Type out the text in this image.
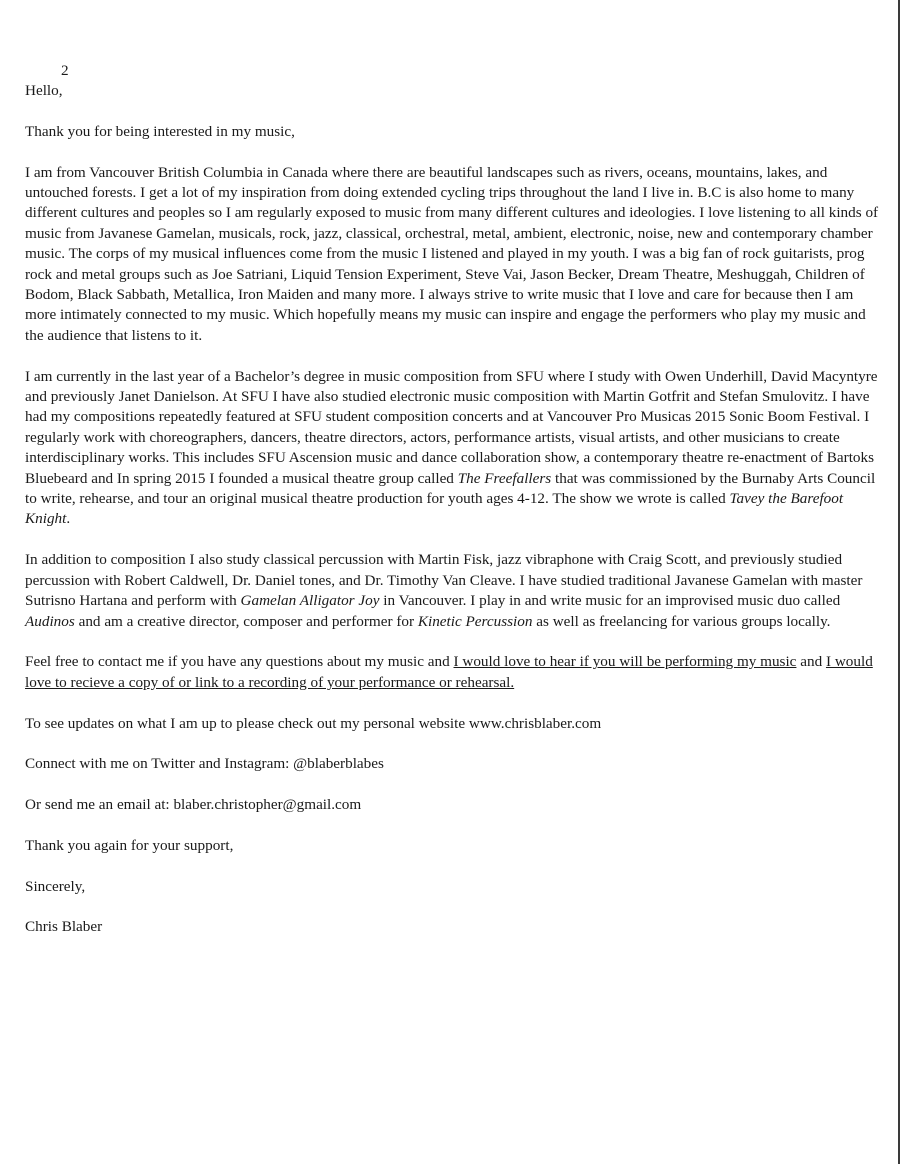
2

Hello,

Thank you for being interested in my music,

I am from Vancouver British Columbia in Canada where there are beautiful landscapes such as rivers, oceans, mountains, lakes, and untouched forests. I get a lot of my inspiration from doing extended cycling trips throughout the land I live in. B.C is also home to many different cultures and peoples so I am regularly exposed to music from many different cultures and ideologies. I love listening to all kinds of music from Javanese Gamelan, musicals, rock, jazz, classical, orchestral, metal, ambient, electronic, noise, new and contemporary chamber music. The corps of my musical influences come from the music I listened and played in my youth. I was a big fan of rock guitarists, prog rock and metal groups such as Joe Satriani, Liquid Tension Experiment, Steve Vai, Jason Becker, Dream Theatre, Meshuggah, Children of Bodom, Black Sabbath, Metallica, Iron Maiden and many more. I always strive to write music that I love and care for because then I am more intimately connected to my music. Which hopefully means my music can inspire and engage the performers who play my music and the audience that listens to it.

I am currently in the last year of a Bachelor’s degree in music composition from SFU where I study with Owen Underhill, David Macyntyre and previously Janet Danielson. At SFU I have also studied electronic music composition with Martin Gotfrit and Stefan Smulovitz. I have had my compositions repeatedly featured at SFU student composition concerts and at Vancouver Pro Musicas 2015 Sonic Boom Festival. I regularly work with choreographers, dancers, theatre directors, actors, performance artists, visual artists, and other musicians to create interdisciplinary works. This includes SFU Ascension music and dance collaboration show, a contemporary theatre re-enactment of Bartoks Bluebeard and In spring 2015 I founded a musical theatre group called The Freefallers that was commissioned by the Burnaby Arts Council to write, rehearse, and tour an original musical theatre production for youth ages 4-12. The show we wrote is called Tavey the Barefoot Knight.

In addition to composition I also study classical percussion with Martin Fisk, jazz vibraphone with Craig Scott, and previously studied percussion with Robert Caldwell, Dr. Daniel tones, and Dr. Timothy Van Cleave. I have studied traditional Javanese Gamelan with master Sutrisno Hartana and perform with Gamelan Alligator Joy in Vancouver. I play in and write music for an improvised music duo called Audinos and am a creative director, composer and performer for Kinetic Percussion as well as freelancing for various groups locally.

Feel free to contact me if you have any questions about my music and I would love to hear if you will be performing my music and I would love to recieve a copy of or link to a recording of your performance or rehearsal.

To see updates on what I am up to please check out my personal website www.chrisblaber.com

Connect with me on Twitter and Instagram: @blaberblabes

Or send me an email at: blaber.christopher@gmail.com

Thank you again for your support,

Sincerely,

Chris Blaber
